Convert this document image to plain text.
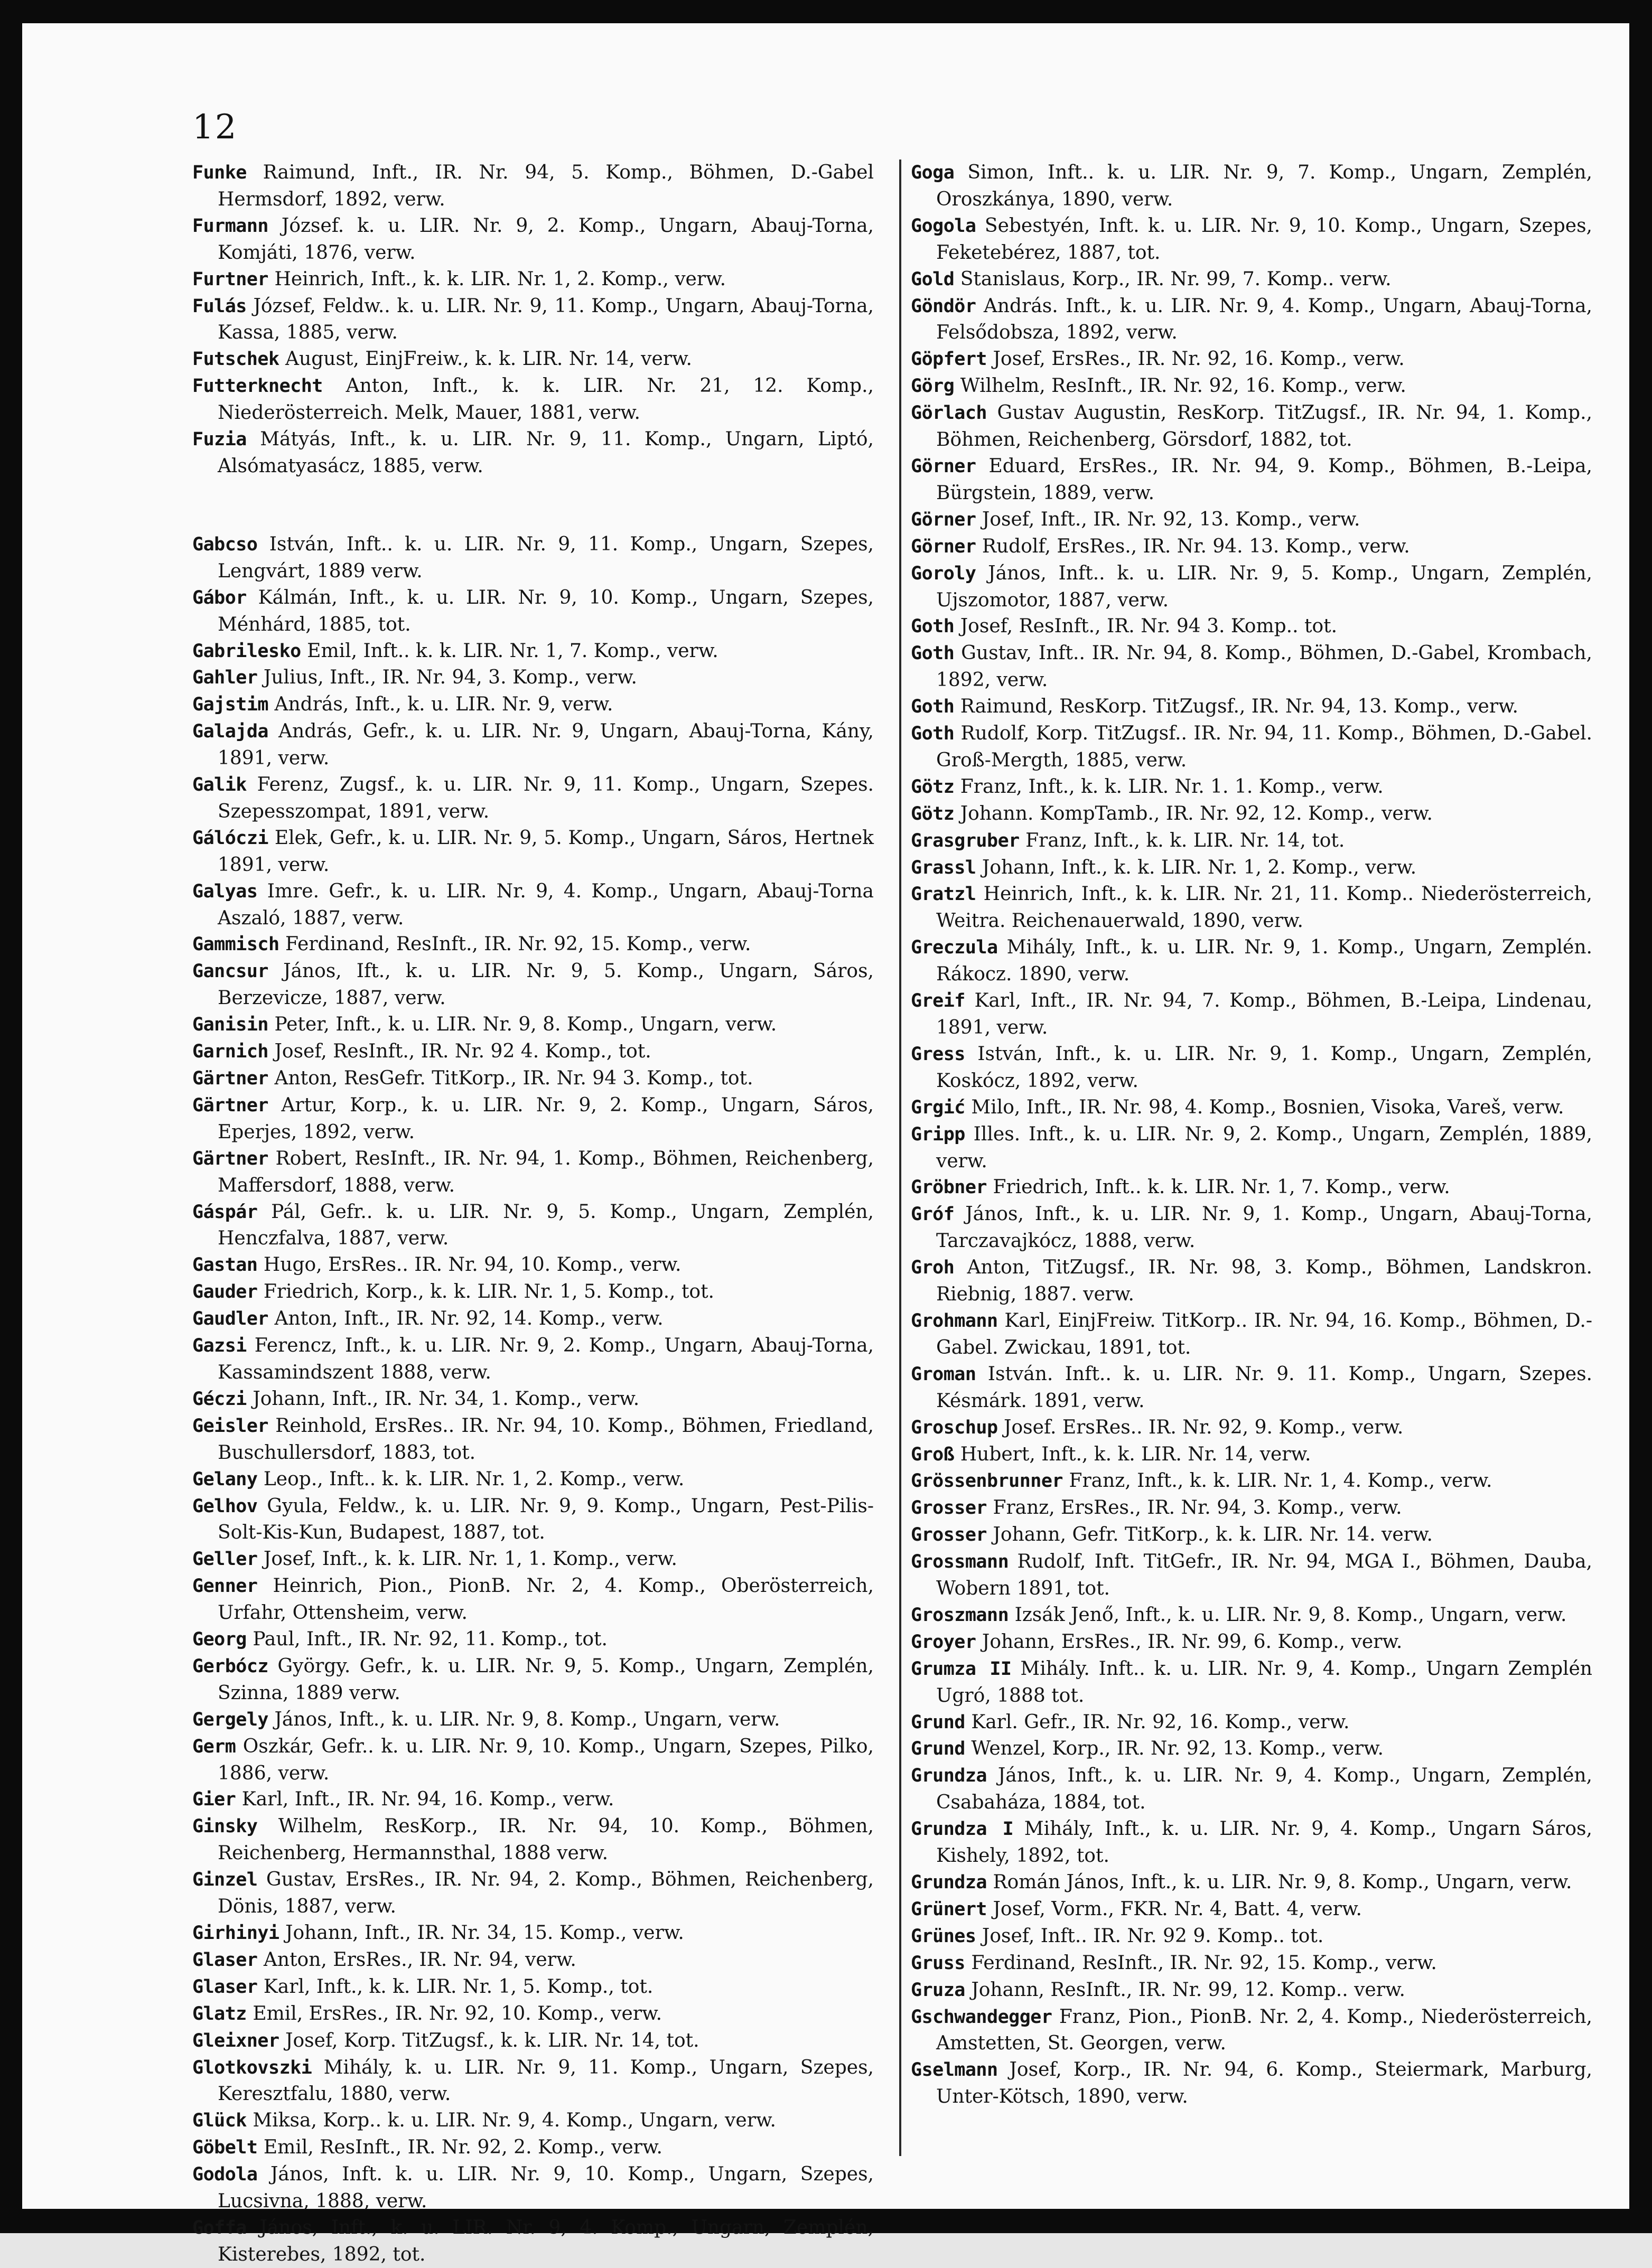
12
Funke Raimund, Inft., IR. Nr. 94, 5. Komp., Böhmen, D.-Gabel Hermsdorf, 1892, verw.
Furmann József. k. u. LIR. Nr. 9, 2. Komp., Ungarn, Abauj-Torna, Komjáti, 1876, verw.
Furtner Heinrich, Inft., k. k. LIR. Nr. 1, 2. Komp., verw.
Fulás József, Feldw.. k. u. LIR. Nr. 9, 11. Komp., Ungarn, Abauj-Torna, Kassa, 1885, verw.
Futschek August, EinjFreiw., k. k. LIR. Nr. 14, verw.
Futterknecht Anton, Inft., k. k. LIR. Nr. 21, 12. Komp., Niederösterreich. Melk, Mauer, 1881, verw.
Fuzia Mátyás, Inft., k. u. LIR. Nr. 9, 11. Komp., Ungarn, Liptó, Alsómatyasácz, 1885, verw.
Gabcso István, Inft.. k. u. LIR. Nr. 9, 11. Komp., Ungarn, Szepes, Lengvárt, 1889 verw.
Gábor Kálmán, Inft., k. u. LIR. Nr. 9, 10. Komp., Ungarn, Szepes, Ménhárd, 1885, tot.
Gabrilesko Emil, Inft.. k. k. LIR. Nr. 1, 7. Komp., verw.
Gahler Julius, Inft., IR. Nr. 94, 3. Komp., verw.
Gajstim András, Inft., k. u. LIR. Nr. 9, verw.
Galajda András, Gefr., k. u. LIR. Nr. 9, Ungarn, Abauj-Torna, Kány, 1891, verw.
Galik Ferenz, Zugsf., k. u. LIR. Nr. 9, 11. Komp., Ungarn, Szepes. Szepesszompat, 1891, verw.
Gálóczi Elek, Gefr., k. u. LIR. Nr. 9, 5. Komp., Ungarn, Sáros, Hertnek 1891, verw.
Galyas Imre. Gefr., k. u. LIR. Nr. 9, 4. Komp., Ungarn, Abauj-Torna Aszaló, 1887, verw.
Gammisch Ferdinand, ResInft., IR. Nr. 92, 15. Komp., verw.
Gancsur János, Ift., k. u. LIR. Nr. 9, 5. Komp., Ungarn, Sáros, Berzevicze, 1887, verw.
Ganisin Peter, Inft., k. u. LIR. Nr. 9, 8. Komp., Ungarn, verw.
Garnich Josef, ResInft., IR. Nr. 92 4. Komp., tot.
Gärtner Anton, ResGefr. TitKorp., IR. Nr. 94 3. Komp., tot.
Gärtner Artur, Korp., k. u. LIR. Nr. 9, 2. Komp., Ungarn, Sáros, Eperjes, 1892, verw.
Gärtner Robert, ResInft., IR. Nr. 94, 1. Komp., Böhmen, Reichenberg, Maffersdorf, 1888, verw.
Gáspár Pál, Gefr.. k. u. LIR. Nr. 9, 5. Komp., Ungarn, Zemplén, Henczfalva, 1887, verw.
Gastan Hugo, ErsRes.. IR. Nr. 94, 10. Komp., verw.
Gauder Friedrich, Korp., k. k. LIR. Nr. 1, 5. Komp., tot.
Gaudler Anton, Inft., IR. Nr. 92, 14. Komp., verw.
Gazsi Ferencz, Inft., k. u. LIR. Nr. 9, 2. Komp., Ungarn, Abauj-Torna, Kassamindszent 1888, verw.
Géczi Johann, Inft., IR. Nr. 34, 1. Komp., verw.
Geisler Reinhold, ErsRes.. IR. Nr. 94, 10. Komp., Böhmen, Friedland, Buschullersdorf, 1883, tot.
Gelany Leop., Inft.. k. k. LIR. Nr. 1, 2. Komp., verw.
Gelhov Gyula, Feldw., k. u. LIR. Nr. 9, 9. Komp., Ungarn, Pest-Pilis-Solt-Kis-Kun, Budapest, 1887, tot.
Geller Josef, Inft., k. k. LIR. Nr. 1, 1. Komp., verw.
Genner Heinrich, Pion., PionB. Nr. 2, 4. Komp., Oberösterreich, Urfahr, Ottensheim, verw.
Georg Paul, Inft., IR. Nr. 92, 11. Komp., tot.
Gerbócz György. Gefr., k. u. LIR. Nr. 9, 5. Komp., Ungarn, Zemplén, Szinna, 1889 verw.
Gergely János, Inft., k. u. LIR. Nr. 9, 8. Komp., Ungarn, verw.
Germ Oszkár, Gefr.. k. u. LIR. Nr. 9, 10. Komp., Ungarn, Szepes, Pilko, 1886, verw.
Gier Karl, Inft., IR. Nr. 94, 16. Komp., verw.
Ginsky Wilhelm, ResKorp., IR. Nr. 94, 10. Komp., Böhmen, Reichenberg, Hermannsthal, 1888 verw.
Ginzel Gustav, ErsRes., IR. Nr. 94, 2. Komp., Böhmen, Reichenberg, Dönis, 1887, verw.
Girhinyi Johann, Inft., IR. Nr. 34, 15. Komp., verw.
Glaser Anton, ErsRes., IR. Nr. 94, verw.
Glaser Karl, Inft., k. k. LIR. Nr. 1, 5. Komp., tot.
Glatz Emil, ErsRes., IR. Nr. 92, 10. Komp., verw.
Gleixner Josef, Korp. TitZugsf., k. k. LIR. Nr. 14, tot.
Glotkovszki Mihály, k. u. LIR. Nr. 9, 11. Komp., Ungarn, Szepes, Keresztfalu, 1880, verw.
Glück Miksa, Korp.. k. u. LIR. Nr. 9, 4. Komp., Ungarn, verw.
Göbelt Emil, ResInft., IR. Nr. 92, 2. Komp., verw.
Godola János, Inft. k. u. LIR. Nr. 9, 10. Komp., Ungarn, Szepes, Lucsivna, 1888, verw.
Goffa János, Inft., k. u. LIR. Nr. 9, 4. Komp., Ungarn, Zemplén, Kisterebes, 1892, tot.
Goga Simon, Inft.. k. u. LIR. Nr. 9, 7. Komp., Ungarn, Zemplén, Oroszkánya, 1890, verw.
Gogola Sebestyén, Inft. k. u. LIR. Nr. 9, 10. Komp., Ungarn, Szepes, Feketebérez, 1887, tot.
Gold Stanislaus, Korp., IR. Nr. 99, 7. Komp.. verw.
Göndör András. Inft., k. u. LIR. Nr. 9, 4. Komp., Ungarn, Abauj-Torna, Felsődobsza, 1892, verw.
Göpfert Josef, ErsRes., IR. Nr. 92, 16. Komp., verw.
Görg Wilhelm, ResInft., IR. Nr. 92, 16. Komp., verw.
Görlach Gustav Augustin, ResKorp. TitZugsf., IR. Nr. 94, 1. Komp., Böhmen, Reichenberg, Görsdorf, 1882, tot.
Görner Eduard, ErsRes., IR. Nr. 94, 9. Komp., Böhmen, B.-Leipa, Bürgstein, 1889, verw.
Görner Josef, Inft., IR. Nr. 92, 13. Komp., verw.
Görner Rudolf, ErsRes., IR. Nr. 94. 13. Komp., verw.
Goroly János, Inft.. k. u. LIR. Nr. 9, 5. Komp., Ungarn, Zemplén, Ujszomotor, 1887, verw.
Goth Josef, ResInft., IR. Nr. 94 3. Komp.. tot.
Goth Gustav, Inft.. IR. Nr. 94, 8. Komp., Böhmen, D.-Gabel, Krombach, 1892, verw.
Goth Raimund, ResKorp. TitZugsf., IR. Nr. 94, 13. Komp., verw.
Goth Rudolf, Korp. TitZugsf.. IR. Nr. 94, 11. Komp., Böhmen, D.-Gabel. Groß-Mergth, 1885, verw.
Götz Franz, Inft., k. k. LIR. Nr. 1. 1. Komp., verw.
Götz Johann. KompTamb., IR. Nr. 92, 12. Komp., verw.
Grasgruber Franz, Inft., k. k. LIR. Nr. 14, tot.
Grassl Johann, Inft., k. k. LIR. Nr. 1, 2. Komp., verw.
Gratzl Heinrich, Inft., k. k. LIR. Nr. 21, 11. Komp.. Niederösterreich, Weitra. Reichenauerwald, 1890, verw.
Greczula Mihály, Inft., k. u. LIR. Nr. 9, 1. Komp., Ungarn, Zemplén. Rákocz. 1890, verw.
Greif Karl, Inft., IR. Nr. 94, 7. Komp., Böhmen, B.-Leipa, Lindenau, 1891, verw.
Gress István, Inft., k. u. LIR. Nr. 9, 1. Komp., Ungarn, Zemplén, Koskócz, 1892, verw.
Grgić Milo, Inft., IR. Nr. 98, 4. Komp., Bosnien, Visoka, Vareš, verw.
Gripp Illes. Inft., k. u. LIR. Nr. 9, 2. Komp., Ungarn, Zemplén, 1889, verw.
Gröbner Friedrich, Inft.. k. k. LIR. Nr. 1, 7. Komp., verw.
Gróf János, Inft., k. u. LIR. Nr. 9, 1. Komp., Ungarn, Abauj-Torna, Tarczavajkócz, 1888, verw.
Groh Anton, TitZugsf., IR. Nr. 98, 3. Komp., Böhmen, Landskron. Riebnig, 1887. verw.
Grohmann Karl, EinjFreiw. TitKorp.. IR. Nr. 94, 16. Komp., Böhmen, D.-Gabel. Zwickau, 1891, tot.
Groman István. Inft.. k. u. LIR. Nr. 9. 11. Komp., Ungarn, Szepes. Késmárk. 1891, verw.
Groschup Josef. ErsRes.. IR. Nr. 92, 9. Komp., verw.
Groß Hubert, Inft., k. k. LIR. Nr. 14, verw.
Grössenbrunner Franz, Inft., k. k. LIR. Nr. 1, 4. Komp., verw.
Grosser Franz, ErsRes., IR. Nr. 94, 3. Komp., verw.
Grosser Johann, Gefr. TitKorp., k. k. LIR. Nr. 14. verw.
Grossmann Rudolf, Inft. TitGefr., IR. Nr. 94, MGA I., Böhmen, Dauba, Wobern 1891, tot.
Groszmann Izsák Jenő, Inft., k. u. LIR. Nr. 9, 8. Komp., Ungarn, verw.
Groyer Johann, ErsRes., IR. Nr. 99, 6. Komp., verw.
Grumza II Mihály. Inft.. k. u. LIR. Nr. 9, 4. Komp., Ungarn Zemplén Ugró, 1888 tot.
Grund Karl. Gefr., IR. Nr. 92, 16. Komp., verw.
Grund Wenzel, Korp., IR. Nr. 92, 13. Komp., verw.
Grundza János, Inft., k. u. LIR. Nr. 9, 4. Komp., Ungarn, Zemplén, Csabaháza, 1884, tot.
Grundza I Mihály, Inft., k. u. LIR. Nr. 9, 4. Komp., Ungarn Sáros, Kishely, 1892, tot.
Grundza Román János, Inft., k. u. LIR. Nr. 9, 8. Komp., Ungarn, verw.
Grünert Josef, Vorm., FKR. Nr. 4, Batt. 4, verw.
Grünes Josef, Inft.. IR. Nr. 92 9. Komp.. tot.
Gruss Ferdinand, ResInft., IR. Nr. 92, 15. Komp., verw.
Gruza Johann, ResInft., IR. Nr. 99, 12. Komp.. verw.
Gschwandegger Franz, Pion., PionB. Nr. 2, 4. Komp., Niederösterreich, Amstetten, St. Georgen, verw.
Gselmann Josef, Korp., IR. Nr. 94, 6. Komp., Steiermark, Marburg, Unter-Kötsch, 1890, verw.
